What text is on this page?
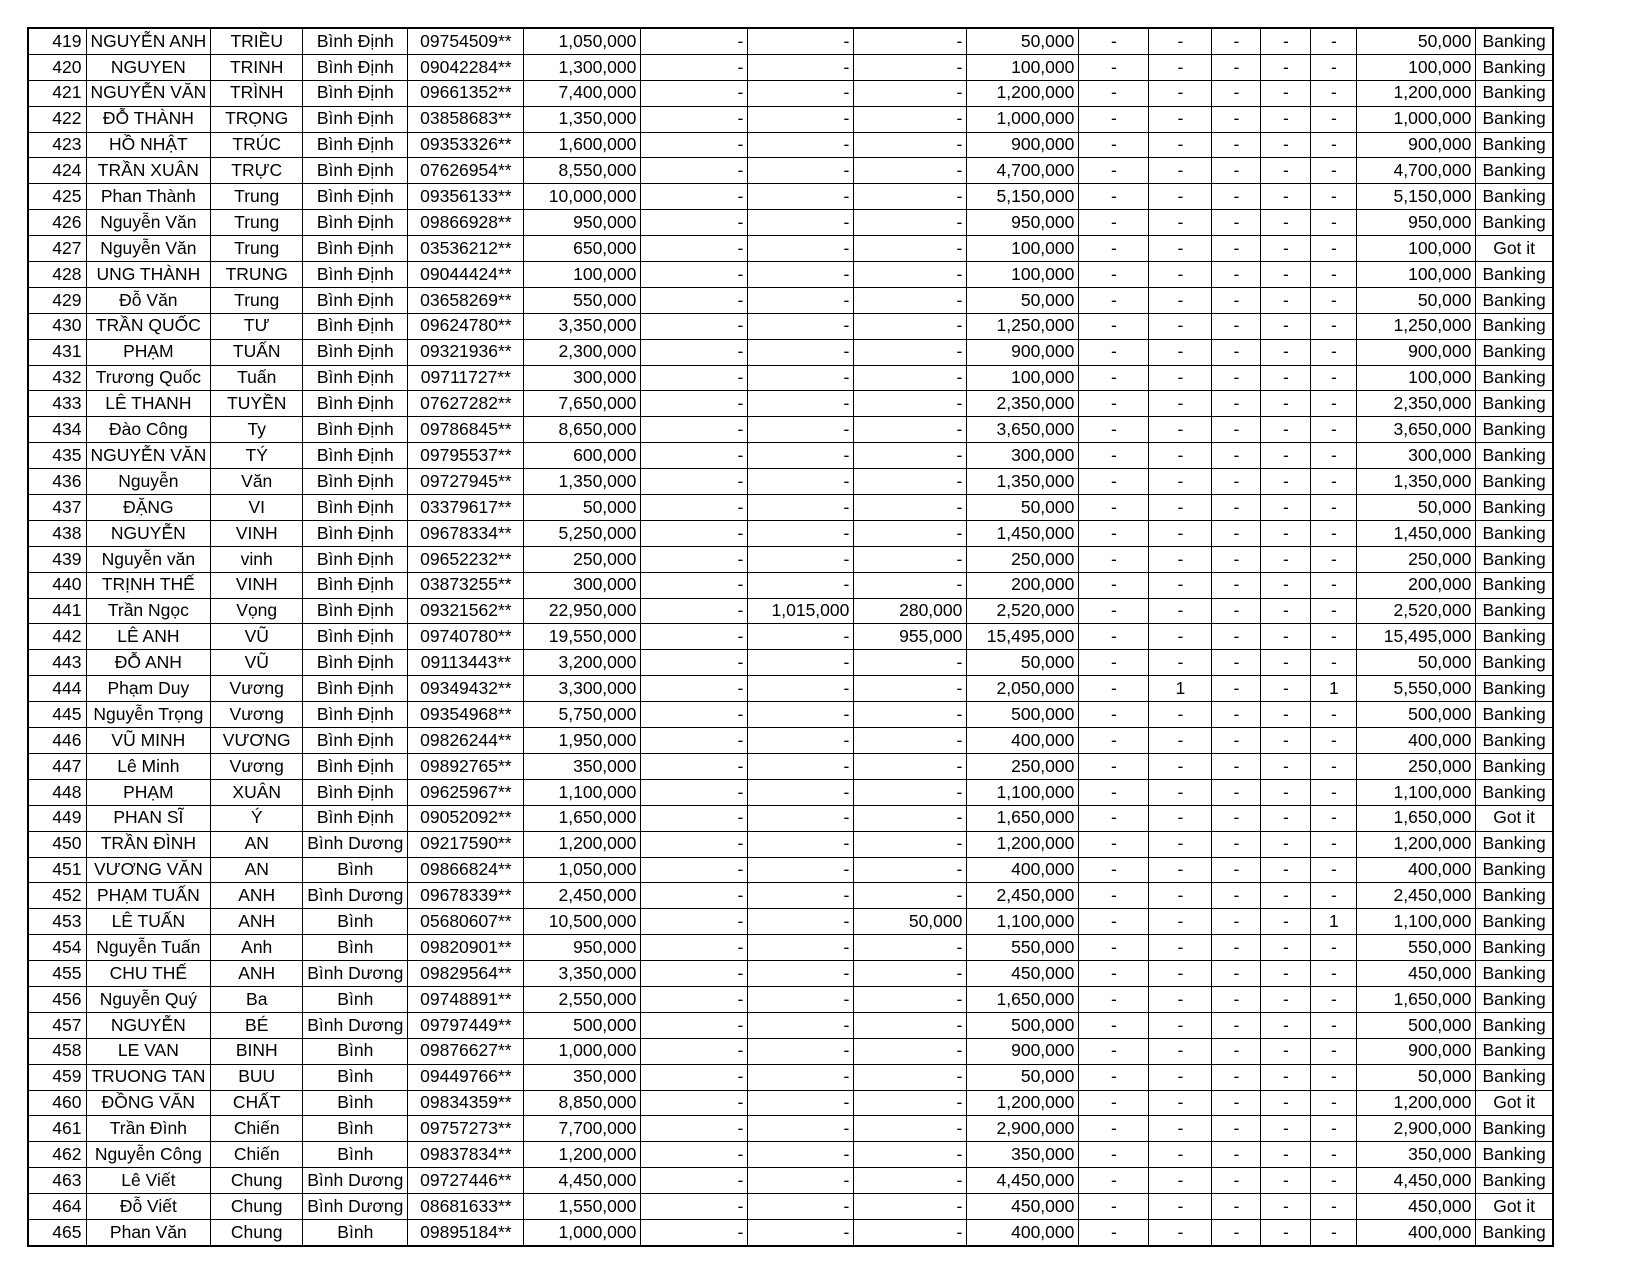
419	NGUYỄN ANH	TRIỀU	Bình Định	09754509**	1,050,000	-	-	-	50,000	-	-	-	-	-	50,000	Banking
420	NGUYEN	TRINH	Bình Định	09042284**	1,300,000	-	-	-	100,000	-	-	-	-	-	100,000	Banking
421	NGUYỄN VĂN	TRÌNH	Bình Định	09661352**	7,400,000	-	-	-	1,200,000	-	-	-	-	-	1,200,000	Banking
422	ĐỖ THÀNH	TRỌNG	Bình Định	03858683**	1,350,000	-	-	-	1,000,000	-	-	-	-	-	1,000,000	Banking
423	HỒ NHẬT	TRÚC	Bình Định	09353326**	1,600,000	-	-	-	900,000	-	-	-	-	-	900,000	Banking
424	TRẦN XUÂN	TRỰC	Bình Định	07626954**	8,550,000	-	-	-	4,700,000	-	-	-	-	-	4,700,000	Banking
425	Phan Thành	Trung	Bình Định	09356133**	10,000,000	-	-	-	5,150,000	-	-	-	-	-	5,150,000	Banking
426	Nguyễn Văn	Trung	Bình Định	09866928**	950,000	-	-	-	950,000	-	-	-	-	-	950,000	Banking
427	Nguyễn Văn	Trung	Bình Định	03536212**	650,000	-	-	-	100,000	-	-	-	-	-	100,000	Got it
428	UNG THÀNH	TRUNG	Bình Định	09044424**	100,000	-	-	-	100,000	-	-	-	-	-	100,000	Banking
429	Đỗ Văn	Trung	Bình Định	03658269**	550,000	-	-	-	50,000	-	-	-	-	-	50,000	Banking
430	TRẦN QUỐC	TƯ	Bình Định	09624780**	3,350,000	-	-	-	1,250,000	-	-	-	-	-	1,250,000	Banking
431	PHẠM	TUẤN	Bình Định	09321936**	2,300,000	-	-	-	900,000	-	-	-	-	-	900,000	Banking
432	Trương Quốc	Tuấn	Bình Định	09711727**	300,000	-	-	-	100,000	-	-	-	-	-	100,000	Banking
433	LÊ THANH	TUYỀN	Bình Định	07627282**	7,650,000	-	-	-	2,350,000	-	-	-	-	-	2,350,000	Banking
434	Đào Công	Ty	Bình Định	09786845**	8,650,000	-	-	-	3,650,000	-	-	-	-	-	3,650,000	Banking
435	NGUYỄN VĂN	TÝ	Bình Định	09795537**	600,000	-	-	-	300,000	-	-	-	-	-	300,000	Banking
436	Nguyễn	Văn	Bình Định	09727945**	1,350,000	-	-	-	1,350,000	-	-	-	-	-	1,350,000	Banking
437	ĐẶNG	VI	Bình Định	03379617**	50,000	-	-	-	50,000	-	-	-	-	-	50,000	Banking
438	NGUYỄN	VINH	Bình Định	09678334**	5,250,000	-	-	-	1,450,000	-	-	-	-	-	1,450,000	Banking
439	Nguyễn văn	vinh	Bình Định	09652232**	250,000	-	-	-	250,000	-	-	-	-	-	250,000	Banking
440	TRỊNH THẾ	VINH	Bình Định	03873255**	300,000	-	-	-	200,000	-	-	-	-	-	200,000	Banking
441	Trần Ngọc	Vọng	Bình Định	09321562**	22,950,000	-	1,015,000	280,000	2,520,000	-	-	-	-	-	2,520,000	Banking
442	LÊ ANH	VŨ	Bình Định	09740780**	19,550,000	-	-	955,000	15,495,000	-	-	-	-	-	15,495,000	Banking
443	ĐỖ ANH	VŨ	Bình Định	09113443**	3,200,000	-	-	-	50,000	-	-	-	-	-	50,000	Banking
444	Phạm Duy	Vương	Bình Định	09349432**	3,300,000	-	-	-	2,050,000	-	1	-	-	1	5,550,000	Banking
445	Nguyễn Trọng	Vương	Bình Định	09354968**	5,750,000	-	-	-	500,000	-	-	-	-	-	500,000	Banking
446	VŨ MINH	VƯƠNG	Bình Định	09826244**	1,950,000	-	-	-	400,000	-	-	-	-	-	400,000	Banking
447	Lê Minh	Vương	Bình Định	09892765**	350,000	-	-	-	250,000	-	-	-	-	-	250,000	Banking
448	PHẠM	XUÂN	Bình Định	09625967**	1,100,000	-	-	-	1,100,000	-	-	-	-	-	1,100,000	Banking
449	PHAN SĨ	Ý	Bình Định	09052092**	1,650,000	-	-	-	1,650,000	-	-	-	-	-	1,650,000	Got it
450	TRẦN ĐÌNH	AN	Bình Dương	09217590**	1,200,000	-	-	-	1,200,000	-	-	-	-	-	1,200,000	Banking
451	VƯƠNG VĂN	AN	Bình	09866824**	1,050,000	-	-	-	400,000	-	-	-	-	-	400,000	Banking
452	PHẠM TUẤN	ANH	Bình Dương	09678339**	2,450,000	-	-	-	2,450,000	-	-	-	-	-	2,450,000	Banking
453	LÊ TUẤN	ANH	Bình	05680607**	10,500,000	-	-	50,000	1,100,000	-	-	-	-	1	1,100,000	Banking
454	Nguyễn Tuấn	Anh	Bình	09820901**	950,000	-	-	-	550,000	-	-	-	-	-	550,000	Banking
455	CHU THẾ	ANH	Bình Dương	09829564**	3,350,000	-	-	-	450,000	-	-	-	-	-	450,000	Banking
456	Nguyễn Quý	Ba	Bình	09748891**	2,550,000	-	-	-	1,650,000	-	-	-	-	-	1,650,000	Banking
457	NGUYỄN	BÉ	Bình Dương	09797449**	500,000	-	-	-	500,000	-	-	-	-	-	500,000	Banking
458	LE VAN	BINH	Bình	09876627**	1,000,000	-	-	-	900,000	-	-	-	-	-	900,000	Banking
459	TRUONG TAN	BUU	Bình	09449766**	350,000	-	-	-	50,000	-	-	-	-	-	50,000	Banking
460	ĐỒNG VĂN	CHẤT	Bình	09834359**	8,850,000	-	-	-	1,200,000	-	-	-	-	-	1,200,000	Got it
461	Trần Đình	Chiến	Bình	09757273**	7,700,000	-	-	-	2,900,000	-	-	-	-	-	2,900,000	Banking
462	Nguyễn Công	Chiến	Bình	09837834**	1,200,000	-	-	-	350,000	-	-	-	-	-	350,000	Banking
463	Lê Viết	Chung	Bình Dương	09727446**	4,450,000	-	-	-	4,450,000	-	-	-	-	-	4,450,000	Banking
464	Đỗ Viết	Chung	Bình Dương	08681633**	1,550,000	-	-	-	450,000	-	-	-	-	-	450,000	Got it
465	Phan Văn	Chung	Bình	09895184**	1,000,000	-	-	-	400,000	-	-	-	-	-	400,000	Banking
